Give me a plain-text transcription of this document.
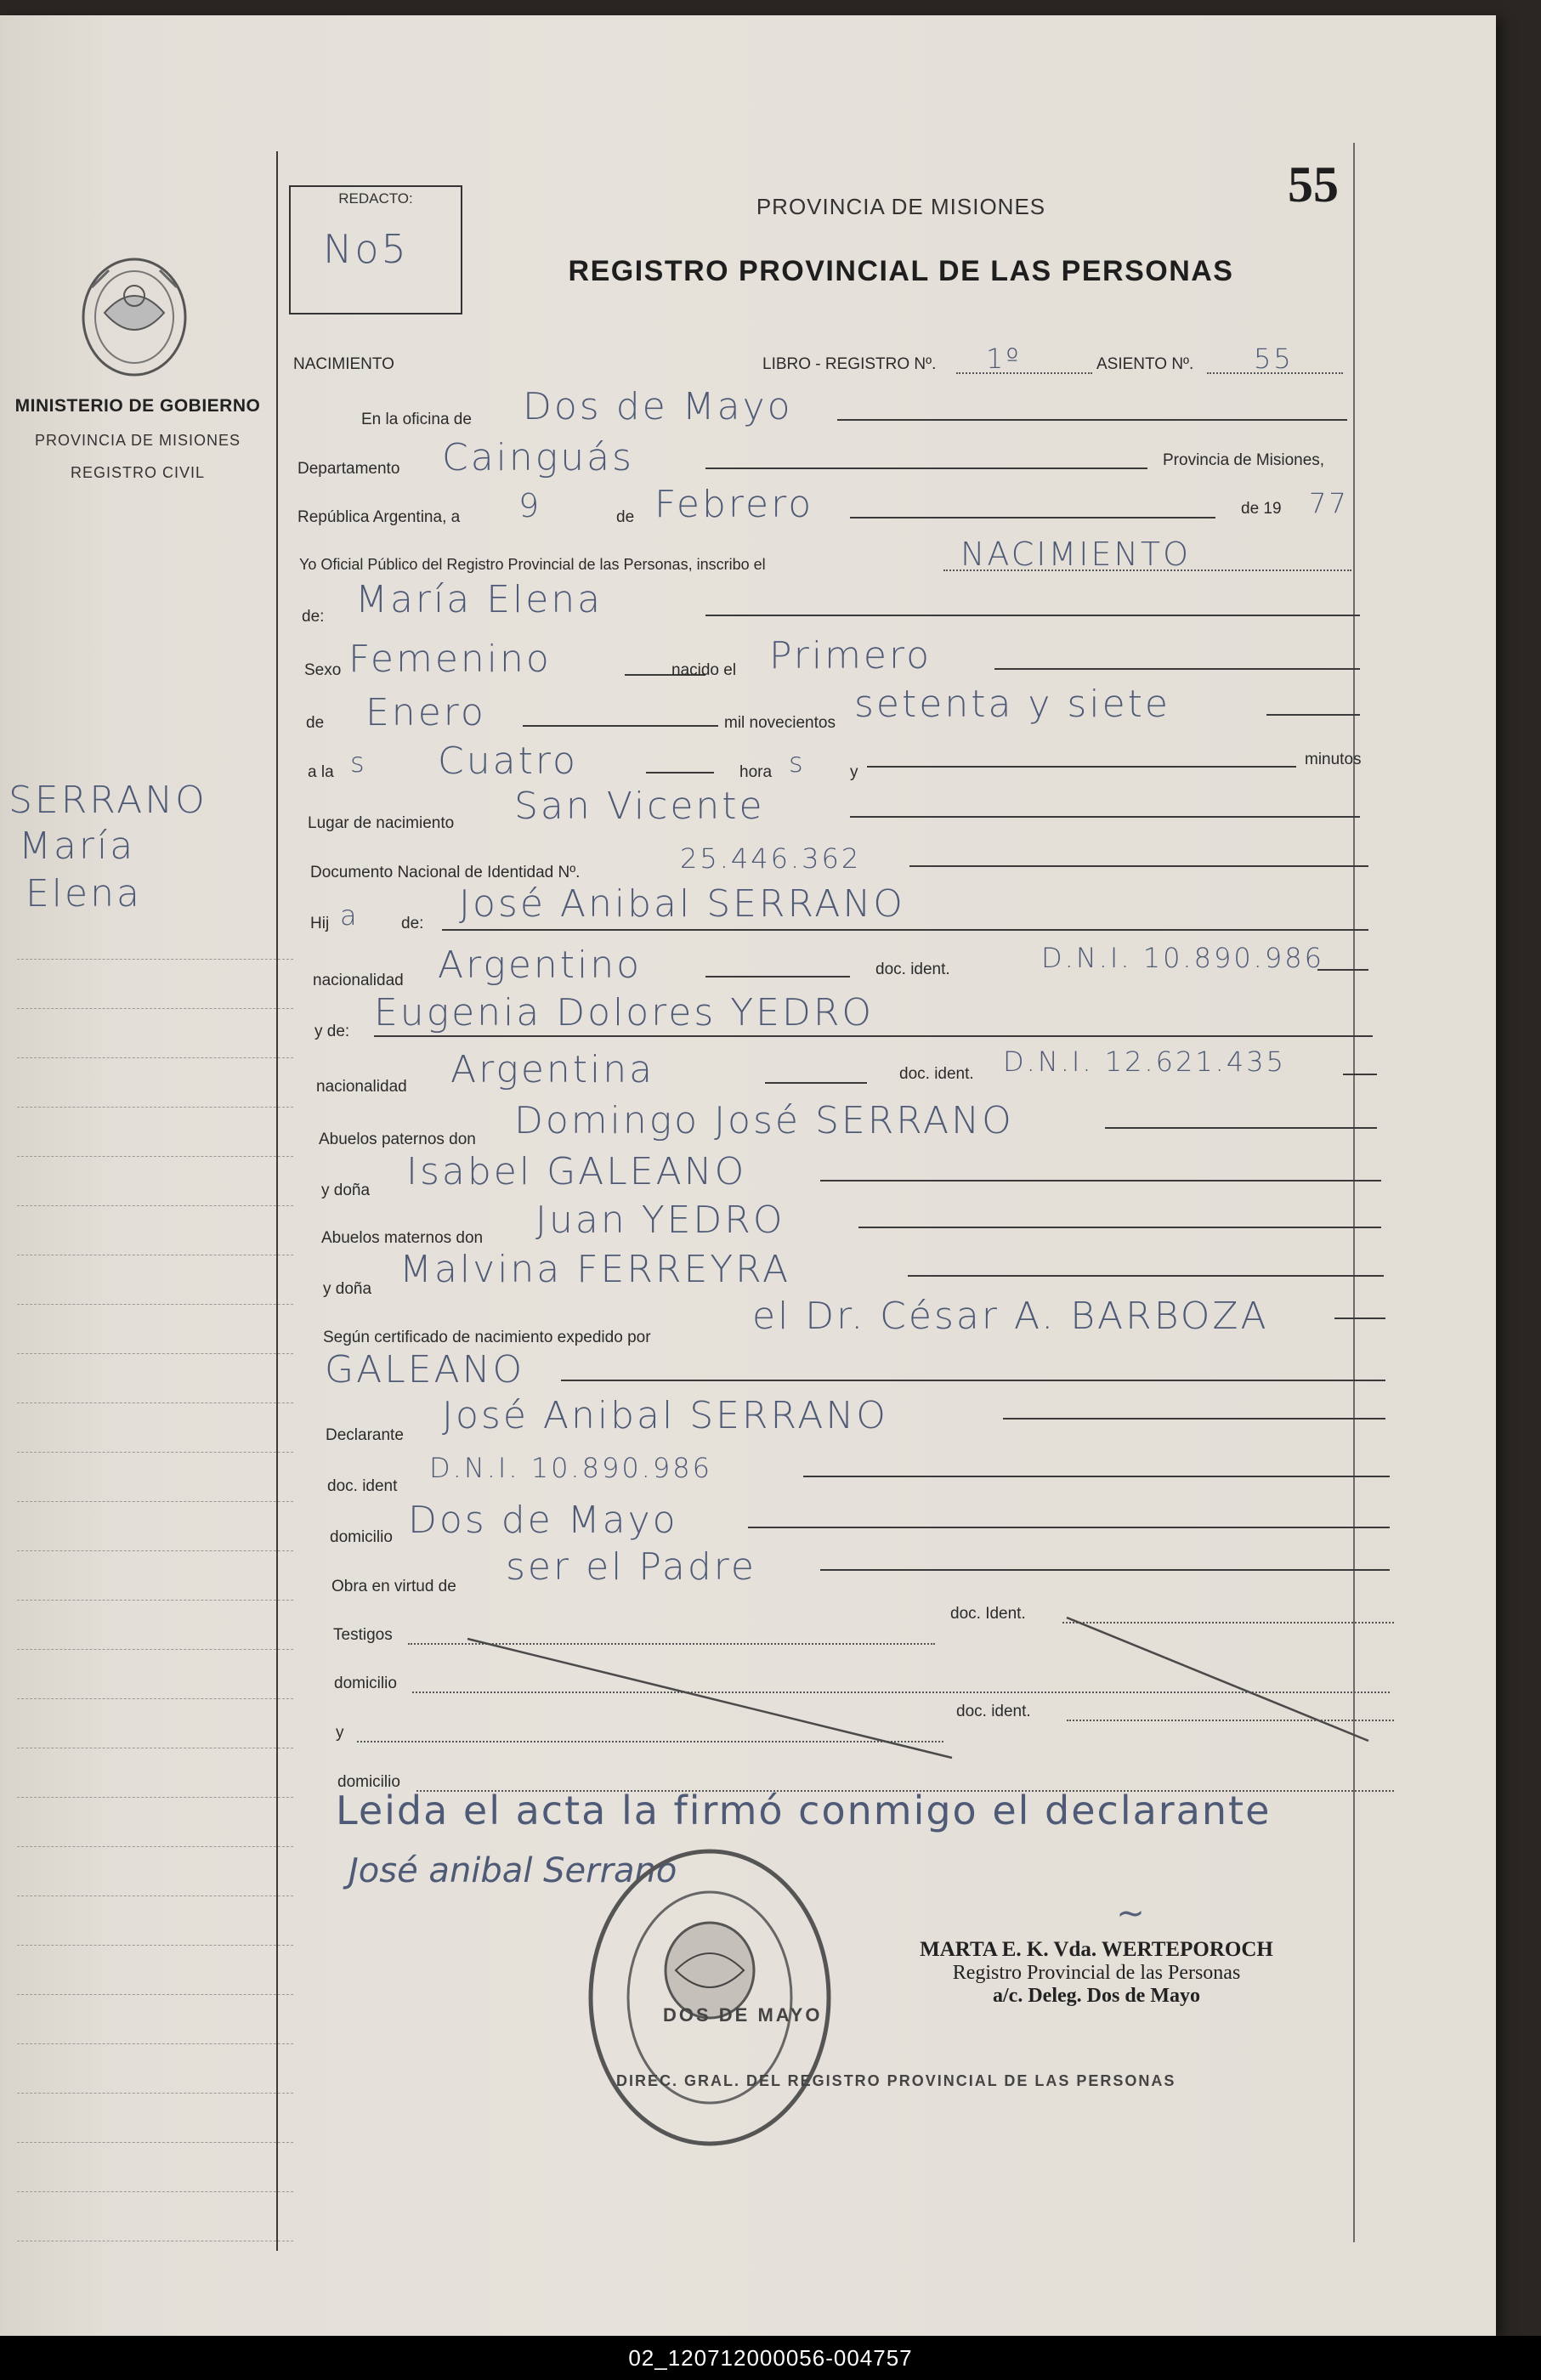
MINISTERIO DE GOBIERNO
PROVINCIA DE MISIONES
REGISTRO CIVIL
SERRANO
María
Elena
REDACTO:
No5
PROVINCIA DE MISIONES
REGISTRO PROVINCIAL DE LAS PERSONAS
55
NACIMIENTO	LIBRO - REGISTRO Nº. 1º	ASIENTO Nº. 55
En la oficina de Dos de Mayo
Departamento Cainguás	Provincia de Misiones,
República Argentina, a 9	de Febrero	de 19 77
Yo Oficial Público del Registro Provincial de las Personas, inscribo el	NACIMIENTO
de: María Elena
Sexo Femenino	nacido el Primero
de Enero	mil novecientos setenta y siete
a la s Cuatro	hora s	y
minutos
Lugar de nacimiento San Vicente
Documento Nacional de Identidad Nº.	25.446.362
Hij a	de: José Anibal SERRANO
nacionalidad Argentino	doc. ident.	D.N.I. 10.890.986
y de: Eugenia Dolores YEDRO
nacionalidad Argentina	doc. ident. D.N.I. 12.621.435
Abuelos paternos don Domingo José SERRANO
y doña Isabel GALEANO
Abuelos maternos don Juan YEDRO
y doña Malvina FERREYRA
Según certificado de nacimiento expedido por	el Dr. César A. BARBOZA
GALEANO
Declarante José Anibal SERRANO
doc. ident
D.N.I. 10.890.986
domicilio Dos de Mayo
Obra en virtud de ser el Padre
doc. Ident.
Testigos
domicilio
doc. ident.
y
domicilio
Leida el acta la firmó conmigo el declarante
José anibal Serrano
DIREC. GRAL. DEL REGISTRO PROVINCIAL DE LAS PERSONAS
DOS DE MAYO
~
MARTA E. K. Vda. WERTEPOROCH
Registro Provincial de las Personas
a/c. Deleg. Dos de Mayo
02_120712000056-004757
